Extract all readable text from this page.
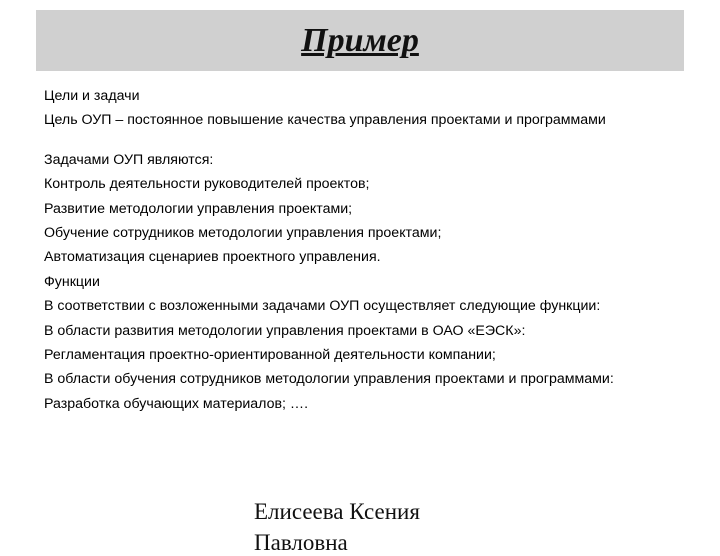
Пример
Цели и задачи
Цель ОУП – постоянное повышение качества управления проектами и программами
Задачами ОУП являются:
Контроль деятельности руководителей проектов;
Развитие методологии управления проектами;
Обучение сотрудников методологии управления проектами;
Автоматизация сценариев проектного управления.
Функции
В соответствии с возложенными задачами ОУП осуществляет следующие функции:
В области развития методологии управления проектами в ОАО «ЕЭСК»:
Регламентация проектно-ориентированной деятельности компании;
В области обучения сотрудников методологии управления проектами и программами:
Разработка обучающих материалов; ….
Елисеева Ксения
Павловна
